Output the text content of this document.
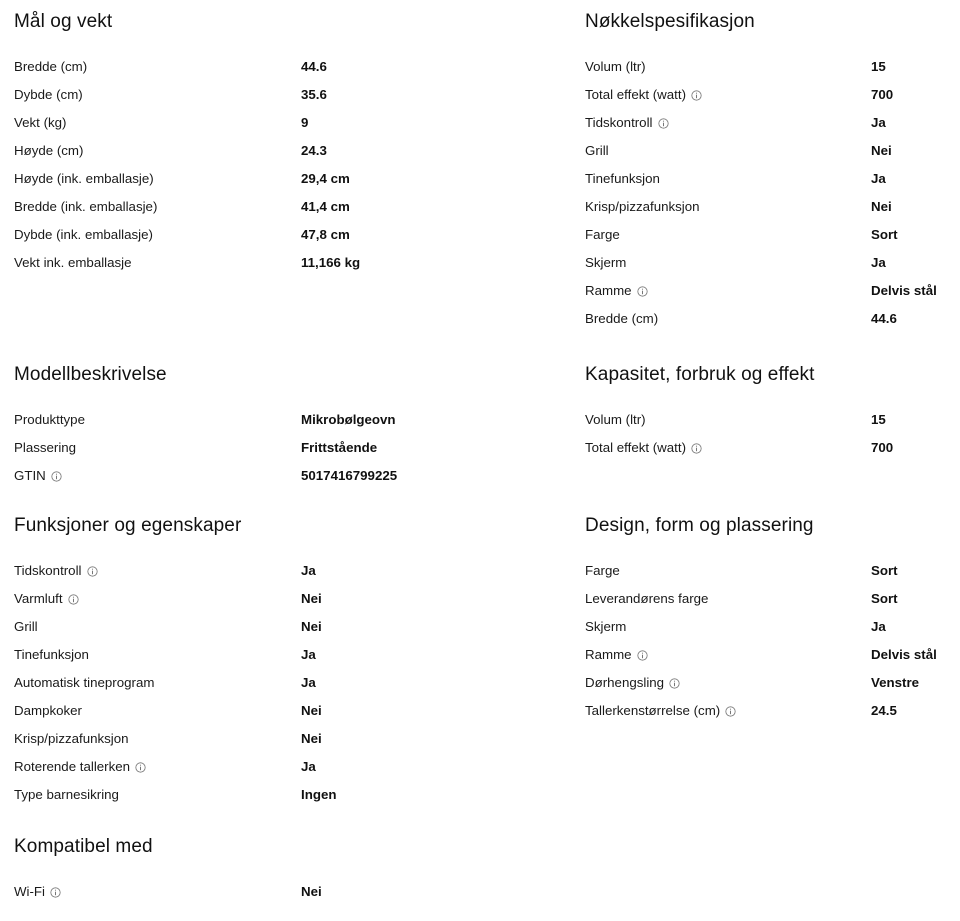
Mål og vekt
Bredde (cm)	44.6
Dybde (cm)	35.6
Vekt (kg)	9
Høyde (cm)	24.3
Høyde (ink. emballasje)	29,4 cm
Bredde (ink. emballasje)	41,4 cm
Dybde (ink. emballasje)	47,8 cm
Vekt ink. emballasje	11,166 kg
Modellbeskrivelse
Produkttype	Mikrobølgeovn
Plassering	Frittstående
GTIN	5017416799225
Funksjoner og egenskaper
Tidskontroll	Ja
Varmluft	Nei
Grill	Nei
Tinefunksjon	Ja
Automatisk tineprogram	Ja
Dampkoker	Nei
Krisp/pizzafunksjon	Nei
Roterende tallerken	Ja
Type barnesikring	Ingen
Kompatibel med
Wi-Fi	Nei
Nøkkelspesifikasjon
Volum (ltr)	15
Total effekt (watt)	700
Tidskontroll	Ja
Grill	Nei
Tinefunksjon	Ja
Krisp/pizzafunksjon	Nei
Farge	Sort
Skjerm	Ja
Ramme	Delvis stål
Bredde (cm)	44.6
Kapasitet, forbruk og effekt
Volum (ltr)	15
Total effekt (watt)	700
Design, form og plassering
Farge	Sort
Leverandørens farge	Sort
Skjerm	Ja
Ramme	Delvis stål
Dørhengsling	Venstre
Tallerkenstørrelse (cm)	24.5
